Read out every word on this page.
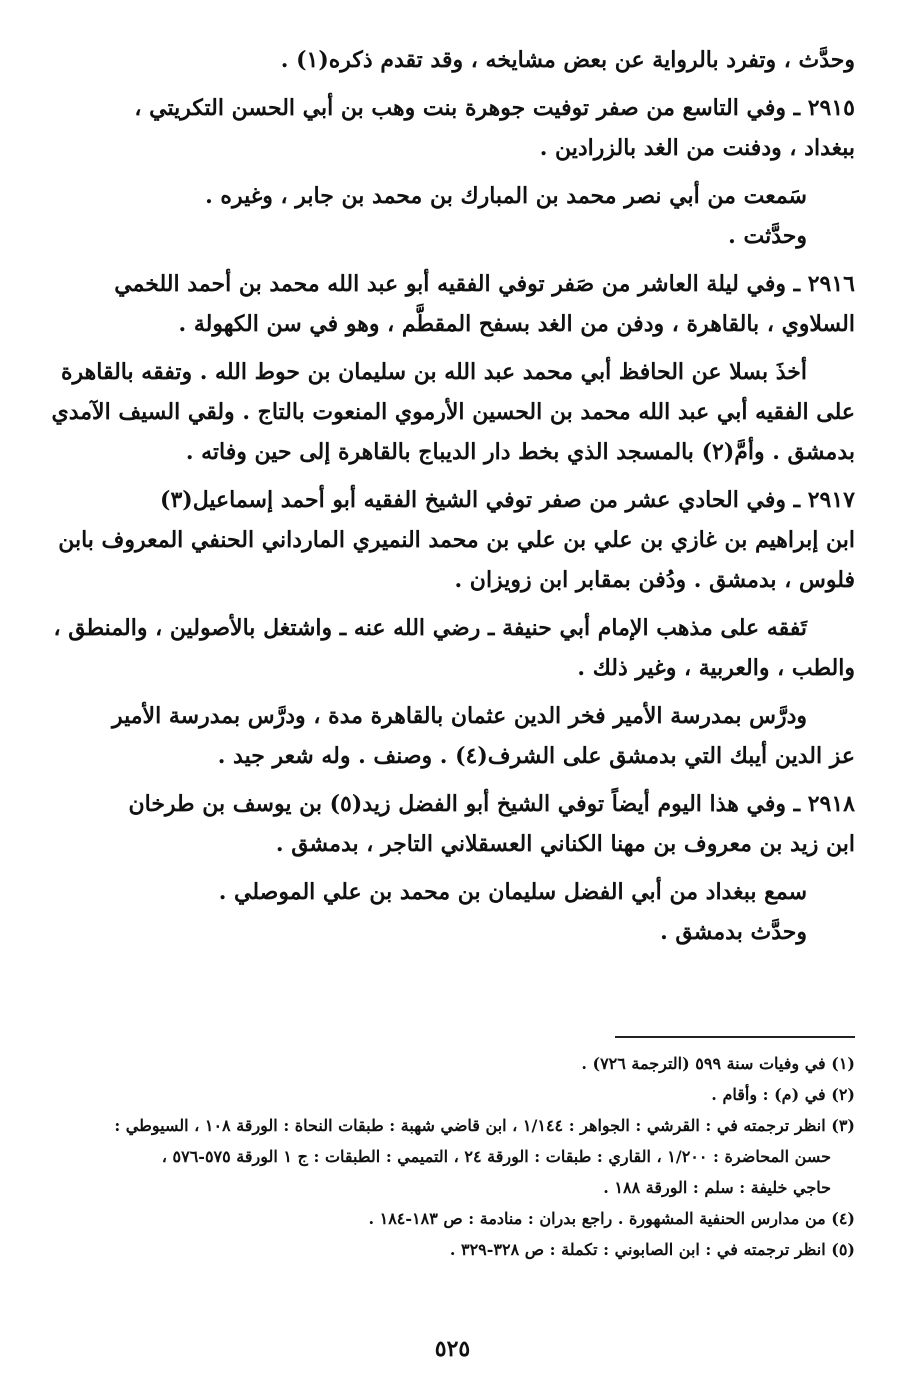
وحدَّث ، وتفرد بالرواية عن بعض مشايخه ، وقد تقدم ذكره(١) .

٢٩١٥ ـ وفي التاسع من صفر توفيت جوهرة بنت وهب بن أبي الحسن التكريتي ،

ببغداد ، ودفنت من الغد بالزرادين .

سَمعت من أبي نصر محمد بن المبارك بن محمد بن جابر ، وغيره .

وحدَّثت .

٢٩١٦ ـ وفي ليلة العاشر من صَفر توفي الفقيه أبو عبد الله محمد بن أحمد اللخمي

السلاوي ، بالقاهرة ، ودفن من الغد بسفح المقطَّم ، وهو في سن الكهولة .

أخذَ بسلا عن الحافظ أبي محمد عبد الله بن سليمان بن حوط الله . وتفقه بالقاهرة

على الفقيه أبي عبد الله محمد بن الحسين الأرموي المنعوت بالتاج . ولقي السيف الآمدي

بدمشق . وأمَّ(٢) بالمسجد الذي بخط دار الديباج بالقاهرة إلى حين وفاته .

٢٩١٧ ـ وفي الحادي عشر من صفر توفي الشيخ الفقيه أبو أحمد إسماعيل(٣)

ابن إبراهيم بن غازي بن علي بن علي بن محمد النميري المارداني الحنفي المعروف بابن

فلوس ، بدمشق . ودُفن بمقابر ابن زويزان .

تَفقه على مذهب الإمام أبي حنيفة ـ رضي الله عنه ـ واشتغل بالأصولين ، والمنطق ،

والطب ، والعربية ، وغير ذلك .

ودرَّس بمدرسة الأمير فخر الدين عثمان بالقاهرة مدة ، ودرَّس بمدرسة الأمير

عز الدين أيبك التي بدمشق على الشرف(٤) . وصنف . وله شعر جيد .

٢٩١٨ ـ وفي هذا اليوم أيضاً توفي الشيخ أبو الفضل زيد(٥) بن يوسف بن طرخان

ابن زيد بن معروف بن مهنا الكناني العسقلاني التاجر ، بدمشق .

سمع ببغداد من أبي الفضل سليمان بن محمد بن علي الموصلي .

وحدَّث بدمشق .

(١) في وفيات سنة ٥٩٩ (الترجمة ٧٢٦) .

(٢) في (م) : وأقام .

(٣) انظر ترجمته في : القرشي : الجواهر : ١/١٤٤ ، ابن قاضي شهبة : طبقات النحاة : الورقة ١٠٨ ، السيوطي :

حسن المحاضرة : ١/٢٠٠ ، القاري : طبقات : الورقة ٢٤ ، التميمي : الطبقات : ج ١ الورقة ٥٧٥-٥٧٦ ،

حاجي خليفة : سلم : الورقة ١٨٨ .

(٤) من مدارس الحنفية المشهورة . راجع بدران : منادمة : ص ١٨٣-١٨٤ .

(٥) انظر ترجمته في : ابن الصابوني : تكملة : ص ٣٢٨-٣٢٩ .

٥٢٥
